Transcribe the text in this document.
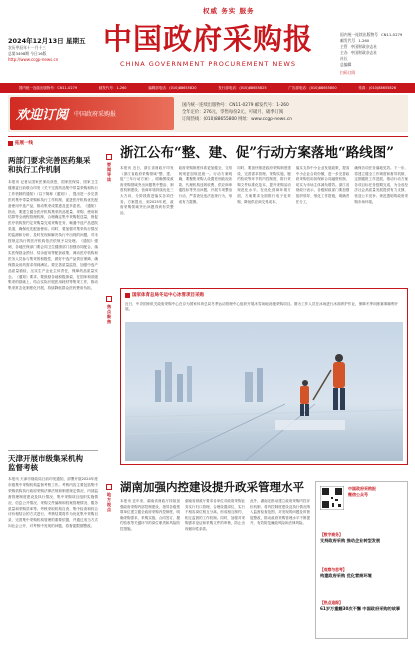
权威 务实 服务
2024年12月13日 星期五
农历甲辰年十一月十三
总第3498期 今日16版
http://www.ccgp-news.cn
中国政府采购报
CHINA GOVERNMENT PROCUREMENT NEWS
国内统一连续出版物号 CN11-0279
邮发代号 1-260
主管 中国财政杂志社
主办 中国财政杂志社
社长
总编辑
扫码订阅
国内统一连续出版物号：CN11-0279	邮发代号：1-260	编辑部电话：(010)88655820	发行部电话：(010)88655825	广告部电话：(010)88655800	传真：(010)88655826
欢迎订阅 中国政府采购报
国内统一连续出版物号：CN11-0279 邮发代号：1-260
全年定价：276元，零售每份2元，可破月、破季订阅
订阅热线：(010)88655800 网址：www.ccgp-news.cn
拓展一线
两部门要求完善医药集采
和执行工作机制
本报讯 记者从国家医保局获悉，国家医保局、国家卫生健康委日前联合印发《关于完善药品集中带量采购和执行工作机制的通知》（以下简称《通知》），提出进一步完善医药集中带量采购和执行工作机制，促进医疗机构优先配备使用中选产品，推动集采成果惠及更多患者。《通知》指出，要建立健全医疗机构集采药品报量、采购、使用和结算等全流程管理机制，合理确定集中采购报送量，督促医疗机构按约定采购量完成采购任务，畅通中选产品进院渠道，确保优先配备使用。同时，要加强对集采执行情况的监测和分析，及时发现和解决执行中出现的问题，对未按规定执行的医疗机构依法依规予以处理。《通知》强调，各地医保部门要会同卫生健康部门加强协同配合，落实医保基金预付、结余留用等配套政策，调动医疗机构和医务人员参与集采的积极性，做好中选产品供应保障，确保群众用药需求得到满足。要完善质量监管，加强中选产品质量抽检，压实生产企业主体责任，保障药品质量安全。《通知》要求，要鼓励各地积极探索，在国家和省级集采的基础上，结合实际开展医用耗材等集采工作，推动集采常态化制度化开展，持续降低群众医药费用负担。
天津开展市级集采机构
监督考核
本报讯 天津市财政局日前印发通知，部署开展2024年度市级集中采购机构监督考核工作。考核内容主要包括集中采购机构执行政府采购法律法规和制度规定情况、内部监督管理制度建设及执行情况、集中采购项目组织实施情况、信息公开情况、采购文件编制和档案管理情况、服务质量和采购效率等。考核采取机构自查、集中检查和综合评价相结合的方式进行，考核结果将作为优化集中采购目录、完善集中采购机构管理的重要依据，并通过适当方式向社会公开，对考核中发现的问题，将督促限期整改。
要
闻
导
读
焦
点
聚
焦
地
方
视
点
浙江公布“整、建、促”行动方案落地“路线图”
本报讯 近日，浙江省财政厅印发《浙江省政府采购领域“整、建、促”三年行动方案》，明确围绕政府采购领域突出问题集中整治、制度机制建设、营商环境持续优化三大方向，分阶段推进落实各项任务。方案提出，到2025年底，政府采购领域突出问题得到有效整治，
政府采购制度体系更加健全，交易规则更加规范统一。行动方案明确，要聚焦采购人设置差别歧视条款、代理机构违规收费、供应商串通投标等突出问题，开展专项整治行动，严肃查处违法违规行为，形成有力震慑。
同时，要加快推进政府采购制度建设，完善需求管理、采购实施、履约验收等环节的内控制度，推行采购文件标准化范本，提升采购活动规范化水平。在优化营商环境方面，方案要求全面推行电子化采购，降低供应商交易成本，
落实支持中小企业发展政策，提高中小企业合同份额，进一步完善政府采购信用担保和合同融资机制，切实为市场主体减负增效。浙江省财政厅表示，各级财政部门要加强组织领导，细化工作措施，明确责任分工，
确保各项任务落地见效。下一步，将建立健全工作调度和督导机制，定期通报工作进展，推动行动方案各项目标任务按期完成，为全省经济社会高质量发展提供有力支撑，营造公平竞争、规范透明的政府采购市场环境。
国家体育总局冬运中心冰雪项目采购
近日，中央国家机关政府采购中心在京为国家体育总局冬季运动管理中心组织开展冰雪场地设施采购项目。图为工作人员在冰场进行冰面养护作业，保障冬季训练赛事顺利开展。
湖南加强内控建设提升政采管理水平
本报讯 近年来，湖南省财政厅持续加强政府采购内部控制建设，指导各级预算单位建立健全政府采购内控制度，明确采购需求、采购实施、合同签订、履约验收等关键环节的岗位职责和风险防控措施。
湖南省财政厅要求各单位对政府采购业务实行归口管理，合理设置岗位，实行不相容岗位相互分离，形成相互制约、相互监督的工作机制。同时，加强对采购需求论证和采购文件的审核，防止出现倾向性条款。
此外，湖南还推动建立政府采购内控评价机制，将内控制度建设及执行情况纳入监督检查范围，对发现的问题及时督促整改，推动政府采购管理水平不断提升，有效防范廉政风险和法律风险。
中国政府采购报
微信公众号
【数字商务】
支持政府采购 推动企业转型发展
【观察与思考】
构建政府采购 优化营商环境
【热点追踪】
61岁万重翻30次不懈 中国政府采购的故事
